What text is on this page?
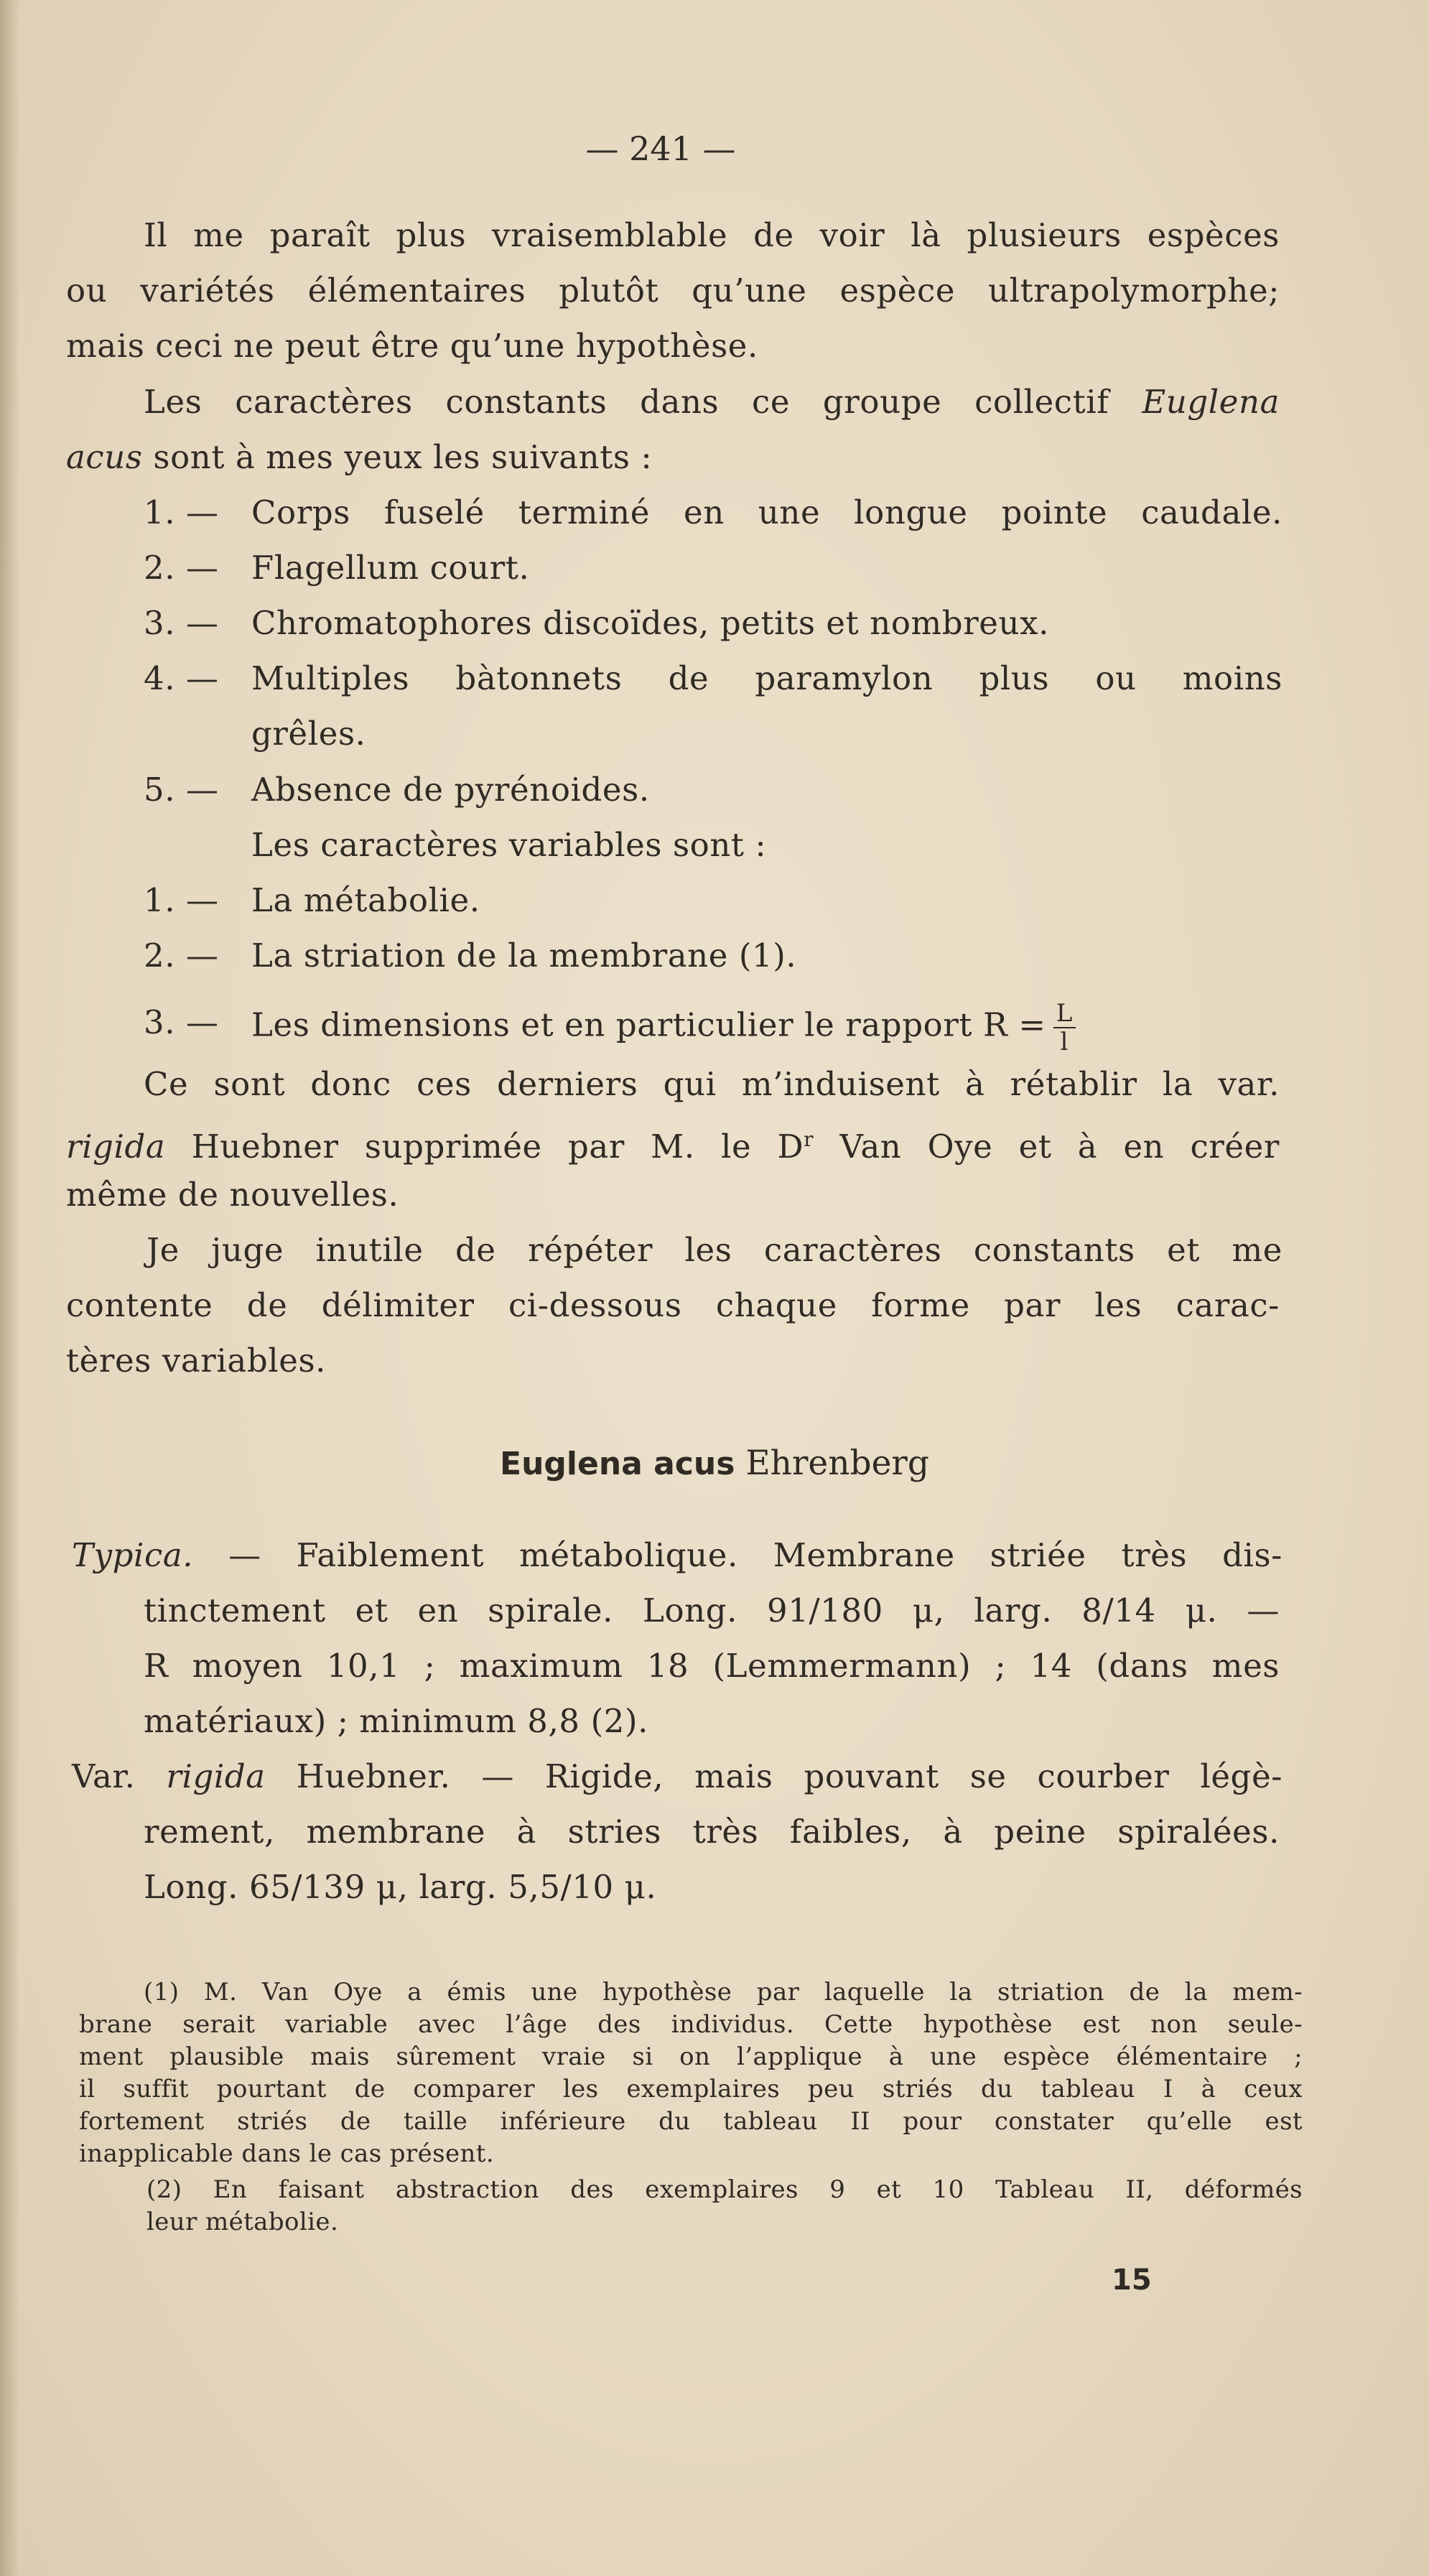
— 241 —
Il me paraît plus vraisemblable de voir là plusieurs espèces
ou variétés élémentaires plutôt qu’une espèce ultrapolymorphe;
mais ceci ne peut être qu’une hypothèse.
Les caractères constants dans ce groupe collectif Euglena
acus sont à mes yeux les suivants :
1. — Corps fuselé terminé en une longue pointe caudale.
2. — Flagellum court.
3. — Chromatophores discoïdes, petits et nombreux.
4. — Multiples bàtonnets de paramylon plus ou moins
grêles.
5. — Absence de pyrénoides.
Les caractères variables sont :
1. — La métabolie.
2. — La striation de la membrane (1).
3. — Les dimensions et en particulier le rapport $R = \frac{L}{l}$
Ce sont donc ces derniers qui m’induisent à rétablir la var.
rigida Huebner supprimée par M. le $D^r$ Van Oye et à en créer
même de nouvelles.
Je juge inutile de répéter les caractères constants et me
contente de délimiter ci-dessous chaque forme par les carac-
tères variables.
Euglena acus Ehrenberg
Typica. — Faiblement métabolique. Membrane striée très dis-
tinctement et en spirale. Long. 91/180 μ, larg. 8/14 μ. —
R moyen 10,1 ; maximum 18 (Lemmermann) ; 14 (dans mes
matériaux) ; minimum 8,8 (2).
Var. rigida Huebner. — Rigide, mais pouvant se courber légè-
rement, membrane à stries très faibles, à peine spiralées.
Long. 65/139 μ, larg. 5,5/10 μ.
(1) M. Van Oye a émis une hypothèse par laquelle la striation de la mem-
brane serait variable avec l’âge des individus. Cette hypothèse est non seule-
ment plausible mais sûrement vraie si on l’applique à une espèce élémentaire ;
il suffit pourtant de comparer les exemplaires peu striés du tableau I à ceux
fortement striés de taille inférieure du tableau II pour constater qu’elle est
inapplicable dans le cas présent.
(2) En faisant abstraction des exemplaires 9 et 10 Tableau II, déformés
leur métabolie.
15
